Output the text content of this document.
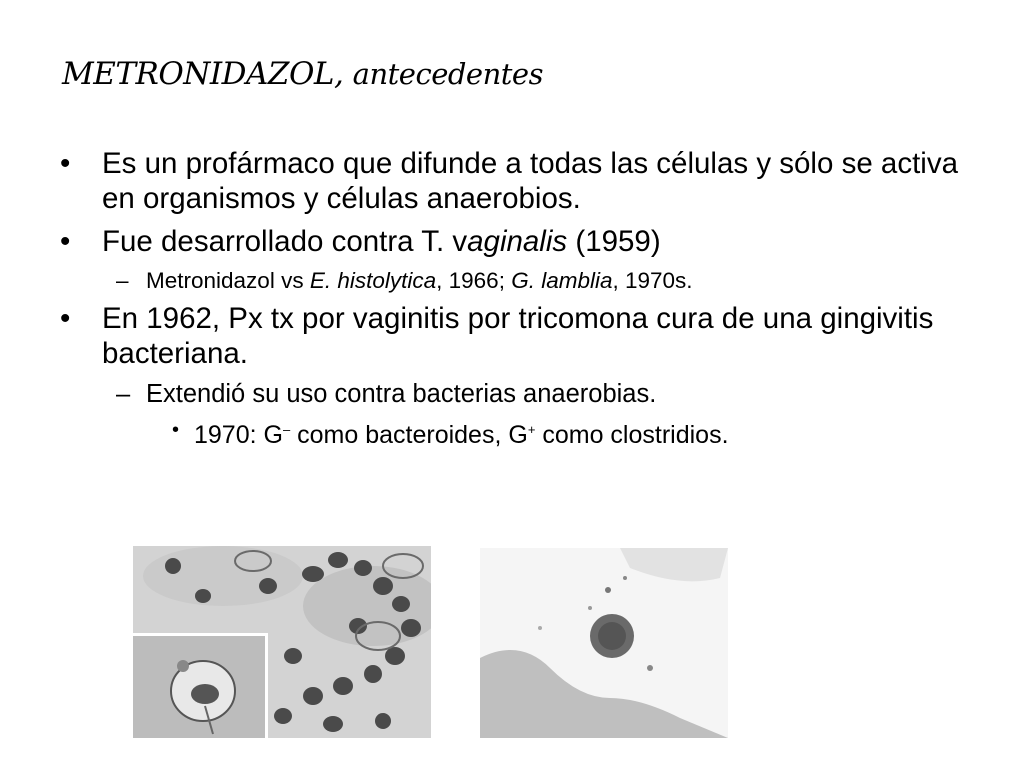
METRONIDAZOL, antecedentes
• Es un profármaco que difunde a todas las células y sólo se activa en organismos y células anaerobios.
• Fue desarrollado contra T. vaginalis (1959)
– Metronidazol vs E. histolytica, 1966; G. lamblia, 1970s.
• En 1962, Px tx por vaginitis por tricomona cura de una gingivitis bacteriana.
– Extendió su uso contra bacterias anaerobias.
• 1970: G– como bacteroides, G+ como clostridios.
